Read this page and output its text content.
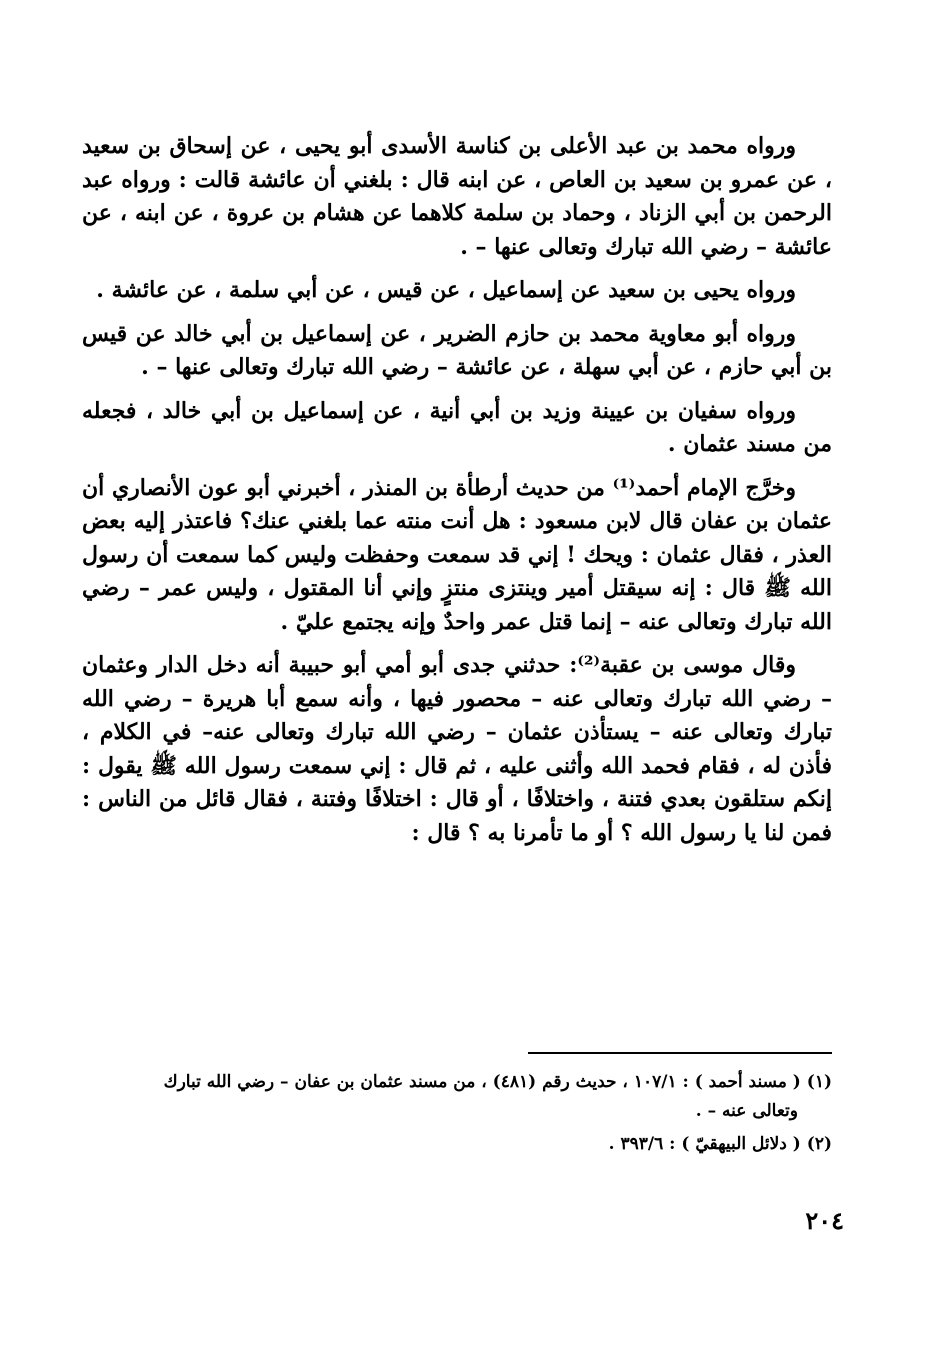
ورواه محمد بن عبد الأعلى بن كناسة الأسدى أبو يحيى ، عن إسحاق بن سعيد ، عن عمرو بن سعيد بن العاص ، عن ابنه قال : بلغني أن عائشة قالت : ورواه عبد الرحمن بن أبي الزناد ، وحماد بن سلمة كلاهما عن هشام بن عروة ، عن ابنه ، عن عائشة – رضي الله تبارك وتعالى عنها – .

ورواه يحيى بن سعيد عن إسماعيل ، عن قيس ، عن أبي سلمة ، عن عائشة .

ورواه أبو معاوية محمد بن حازم الضرير ، عن إسماعيل بن أبي خالد عن قيس بن أبي حازم ، عن أبي سهلة ، عن عائشة – رضي الله تبارك وتعالى عنها – .

ورواه سفيان بن عيينة وزيد بن أبي أنية ، عن إسماعيل بن أبي خالد ، فجعله من مسند عثمان .

وخرَّج الإمام أحمد⁽¹⁾ من حديث أرطأة بن المنذر ، أخبرني أبو عون الأنصاري أن عثمان بن عفان قال لابن مسعود : هل أنت منته عما بلغني عنك؟ فاعتذر إليه بعض العذر ، فقال عثمان : ويحك ! إني قد سمعت وحفظت وليس كما سمعت أن رسول الله ﷺ قال : إنه سيقتل أمير وينتزى منتزٍ وإني أنا المقتول ، وليس عمر – رضي الله تبارك وتعالى عنه – إنما قتل عمر واحدٌ وإنه يجتمع عليّ .

وقال موسى بن عقبة⁽²⁾: حدثني جدى أبو أمي أبو حبيبة أنه دخل الدار وعثمان – رضي الله تبارك وتعالى عنه – محصور فيها ، وأنه سمع أبا هريرة – رضي الله تبارك وتعالى عنه – يستأذن عثمان – رضي الله تبارك وتعالى عنه– في الكلام ، فأذن له ، فقام فحمد الله وأثنى عليه ، ثم قال : إني سمعت رسول الله ﷺ يقول : إنكم ستلقون بعدي فتنة ، واختلافًا ، أو قال : اختلافًا وفتنة ، فقال قائل من الناس : فمن لنا يا رسول الله ؟ أو ما تأمرنا به ؟ قال :

(١) ( مسند أحمد ) : ١٠٧/١ ، حديث رقم (٤٨١) ، من مسند عثمان بن عفان – رضي الله تبارك
وتعالى عنه – .
(٢) ( دلائل البيهقيّ ) : ٣٩٣/٦ .
٢٠٤
